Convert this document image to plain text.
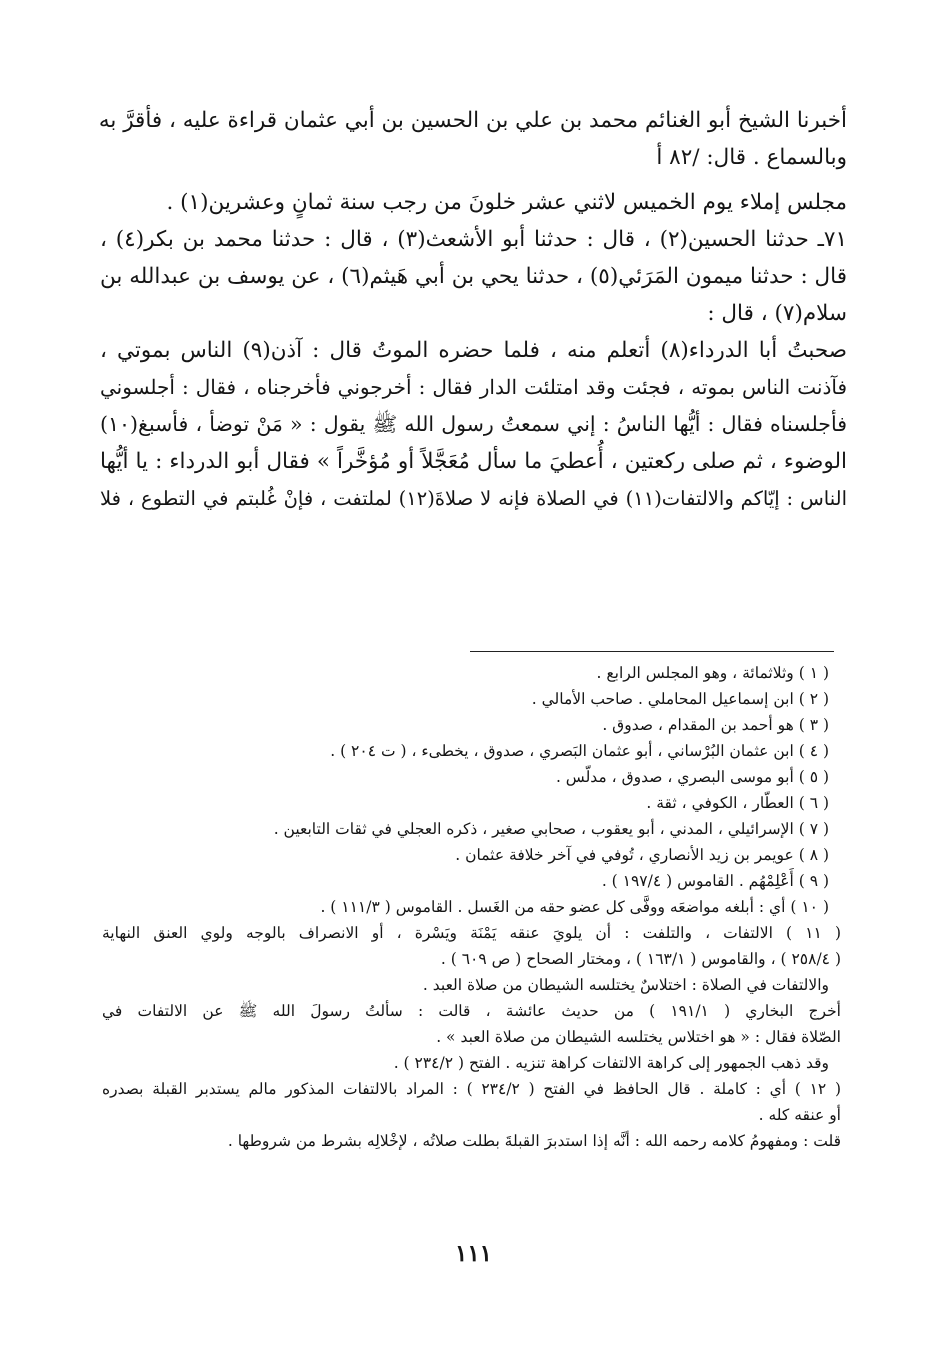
أخبرنا الشيخ أبو الغنائم محمد بن علي بن الحسين بن أبي عثمان قراءة عليه ، فأقرَّ به
وبالسماع . قال: /٨٢ أ
مجلس إملاء يوم الخميس لاثني عشر خلونَ من رجب سنة ثمانٍ وعشرين(١) .
٧١ـ حدثنا الحسين(٢) ، قال : حدثنا أبو الأشعث(٣) ، قال : حدثنا محمد بن بكر(٤) ،
قال : حدثنا ميمون المَرَئي(٥) ، حدثنا يحي بن أبي هَيثم(٦) ، عن يوسف بن عبدالله بن
سلام(٧) ، قال :
صحبتُ أبا الدرداء(٨) أتعلم منه ، فلما حضره الموتُ قال : آذن(٩) الناس بموتي ،
فآذنت الناس بموته ، فجئت وقد امتلئت الدار فقال : أخرجوني فأخرجناه ، فقال : أجلسوني
فأجلسناه فقال : أيُّها الناسُ : إني سمعتُ رسول الله ﷺ يقول : « مَنْ توضأ ، فأسبغ(١٠)
الوضوء ، ثم صلى ركعتين ، أُعطيَ ما سأل مُعَجَّلاً أو مُؤخَّراً » فقال أبو الدرداء : يا أيُّها
الناس : إيّاكم والالتفات(١١) في الصلاة فإنه لا صلاةَ(١٢) لملتفت ، فإنْ غُلبتم في التطوع ، فلا
( ١ ) وثلاثمائة ، وهو المجلس الرابع .
( ٢ ) ابن إسماعيل المحاملي . صاحب الأمالي .
( ٣ ) هو أحمد بن المقدام ، صدوق .
( ٤ ) ابن عثمان البُرْساني ، أبو عثمان البَصري ، صدوق ، يخطىء ، ( ت ٢٠٤ ) .
( ٥ ) أبو موسى البصري ، صدوق ، مدلّس .
( ٦ ) العطّار ، الكوفي ، ثقة .
( ٧ ) الإسرائيلي ، المدني ، أبو يعقوب ، صحابي صغير ، ذكره العجلي في ثقات التابعين .
( ٨ ) عويمر بن زيد الأنصاري ، تُوفي في آخر خلافة عثمان .
( ٩ ) أَعْلِمْهُم . القاموس ( ١٩٧/٤ ) .
( ١٠ ) أي : أبلغه مواضعَه ووفَّى كل عضو حقه من الغَسل . القاموس ( ١١١/٣ ) .
( ١١ ) الالتفات ، والتلفت : أن يلويَ عنقه يَمْنَة ويَسْرة ، أو الانصراف بالوجه ولوي العنق النهاية
( ٢٥٨/٤ ) ، والقاموس ( ١٦٣/١ ) ، ومختار الصحاح ( ص ٦٠٩ ) .
والالتفات في الصلاة : اختلاسٌ يختلسه الشيطان من صلاة العبد .
أخرج البخاري ( ١٩١/١ ) من حديث عائشة ، قالت : سألتُ رسولَ الله ﷺ عن الالتفات في
الصّلاة فقال : « هو اختلاس يختلسه الشيطان من صلاة العبد » .
وقد ذهب الجمهور إلى كراهة الالتفات كراهة تنزيه . الفتح ( ٢٣٤/٢ ) .
( ١٢ ) أي : كاملة . قال الحافظ في الفتح ( ٢٣٤/٢ ) : المراد بالالتفات المذكور مالم يستدبر القبلة بصدره
أو عنقه كله .
قلت : ومفهومُ كلامه رحمه الله : أنَّه إذا استدبرَ القبلةَ بطلت صلاتُه ، لإخْلالِه بشرط من شروطها .
١١١
